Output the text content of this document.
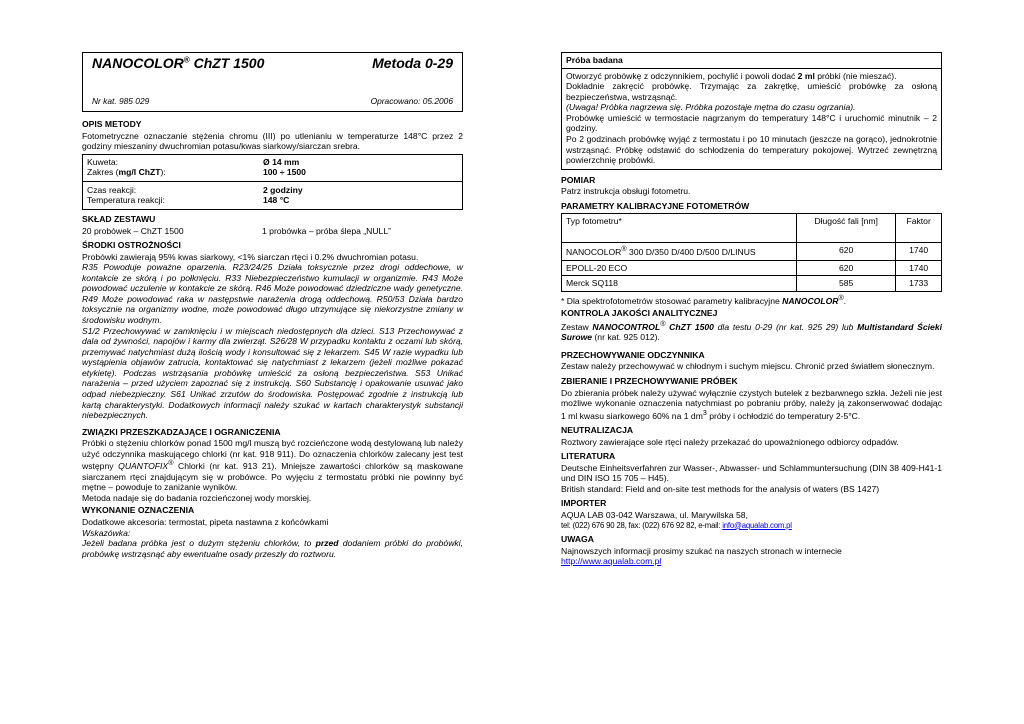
NANOCOLOR® ChZT 1500	Metoda 0-29
Nr kat. 985 029	Opracowano: 05.2006
OPIS METODY

Fotometryczne oznaczanie stężenia chromu (III) po utlenianiu w temperaturze 148°C przez 2 godziny mieszaniny dwuchromian potasu/kwas siarkowy/siarczan srebra.

Kuweta:	Ø 14 mm
Zakres (mg/l ChZT):	100 ÷ 1500
Czas reakcji:	2 godziny
Temperatura reakcji:	148 °C
SKŁAD ZESTAWU
20 probówek – ChZT 1500	1 probówka – próba ślepa „NULL”
ŚRODKI OSTROŻNOŚCI

Probówki zawierają 95% kwas siarkowy, <1% siarczan rtęci i 0.2% dwuchromian potasu.

R35 Powoduje poważne oparzenia. R23/24/25 Działa toksycznie przez drogi oddechowe, w kontakcie ze skórą i po połknięciu. R33 Niebezpieczeństwo kumulacji w organizmie. R43 Może powodować uczulenie w kontakcie ze skórą. R46 Może powodować dziedziczne wady genetyczne. R49 Może powodować raka w następstwie narażenia drogą oddechową. R50/53 Działa bardzo toksycznie na organizmy wodne, może powodować długo utrzymujące się niekorzystne zmiany w środowisku wodnym.

S1/2 Przechowywać w zamknięciu i w miejscach niedostępnych dla dzieci. S13 Przechowywać z dala od żywności, napojów i karmy dla zwierząt. S26/28 W przypadku kontaktu z oczami lub skórą, przemywać natychmiast dużą ilością wody i konsultować się z lekarzem. S45 W razie wypadku lub wystąpienia objawów zatrucia, kontaktować się natychmiast z lekarzem (jeżeli możliwe pokazać etykietę). Podczas wstrząsania probówkę umieścić za osłoną bezpieczeństwa. S53 Unikać narażenia – przed użyciem zapoznać się z instrukcją. S60 Substancję i opakowanie usuwać jako odpad niebezpieczny. S61 Unikać zrzutów do środowiska. Postępować zgodnie z instrukcją lub kartą charakterystyki. Dodatkowych informacji należy szukać w kartach charakterystyk substancji niebezpiecznych.

ZWIĄZKI PRZESZKADZAJĄCE I OGRANICZENIA

Próbki o stężeniu chlorków ponad 1500 mg/l muszą być rozcieńczone wodą destylowaną lub należy użyć odczynnika maskującego chlorki (nr kat. 918 911). Do oznaczenia chlorków zalecany jest test wstępny QUANTOFIX® Chlorki (nr kat. 913 21). Mniejsze zawartości chlorków są maskowane siarczanem rtęci znajdującym się w probówce. Po wyjęciu z termostatu próbki nie powinny być mętne – powoduje to zaniżanie wyników.

Metoda nadaje się do badania rozcieńczonej wody morskiej.

WYKONANIE OZNACZENIA

Dodatkowe akcesoria: termostat, pipeta nastawna z końcówkami

Wskazówka:

Jeżeli badana próbka jest o dużym stężeniu chlorków, to przed dodaniem próbki do probówki, probówkę wstrząsnąć aby ewentualne osady przeszły do roztworu.

Próba badana

Otworzyć probówkę z odczynnikiem, pochylić i powoli dodać 2 ml próbki (nie mieszać).

Dokładnie zakręcić probówkę. Trzymając za zakrętkę, umieścić probówkę za osłoną bezpieczeństwa, wstrząsnąć.

(Uwaga! Próbka nagrzewa się. Próbka pozostaje mętna do czasu ogrzania).

Probówkę umieścić w termostacie nagrzanym do temperatury 148°C i uruchomić minutnik – 2 godziny.

Po 2 godzinach probówkę wyjąć z termostatu i po 10 minutach (jeszcze na gorąco), jednokrotnie wstrząsnąć. Próbkę odstawić do schłodzenia do temperatury pokojowej. Wytrzeć zewnętrzną powierzchnię probówki.

POMIAR

Patrz instrukcja obsługi fotometru.

PARAMETRY KALIBRACYJNE FOTOMETRÓW
Typ fotometru*	Długość fali [nm]	Faktor
NANOCOLOR® 300 D/350 D/400 D/500 D/LINUS	620	1740
EPOLL-20 ECO	620	1740
Merck SQ118	585	1733

* Dla spektrofotometrów stosować parametry kalibracyjne NANOCOLOR®.

KONTROLA JAKOŚCI ANALITYCZNEJ

Zestaw NANOCONTROL® ChZT 1500 dla testu 0-29 (nr kat. 925 29) lub Multistandard Ścieki Surowe (nr kat. 925 012).

PRZECHOWYWANIE ODCZYNNIKA

Zestaw należy przechowywać w chłodnym i suchym miejscu. Chronić przed światłem słonecznym.

ZBIERANIE I PRZECHOWYWANIE PRÓBEK

Do zbierania próbek należy używać wyłącznie czystych butelek z bezbarwnego szkła. Jeżeli nie jest możliwe wykonanie oznaczenia natychmiast po pobraniu próby, należy ją zakonserwować dodając 1 ml kwasu siarkowego 60% na 1 $dm^3$ próby i ochłodzić do temperatury 2-5°C.

NEUTRALIZACJA

Roztwory zawierające sole rtęci należy przekazać do upoważnionego odbiorcy odpadów.

LITERATURA

Deutsche Einheitsverfahren zur Wasser-, Abwasser- und Schlammuntersuchung (DIN 38 409-H41-1 und DIN ISO 15 705 – H45).

British standard: Field and on-site test methods for the analysis of waters (BS 1427)

IMPORTER

AQUA LAB 03-042 Warszawa, ul. Marywilska 58,

tel: (022) 676 90 28, fax: (022) 676 92 82, e-mail: info@aqualab.com.pl

UWAGA

Najnowszych informacji prosimy szukać na naszych stronach w internecie

http://www.aqualab.com.pl
